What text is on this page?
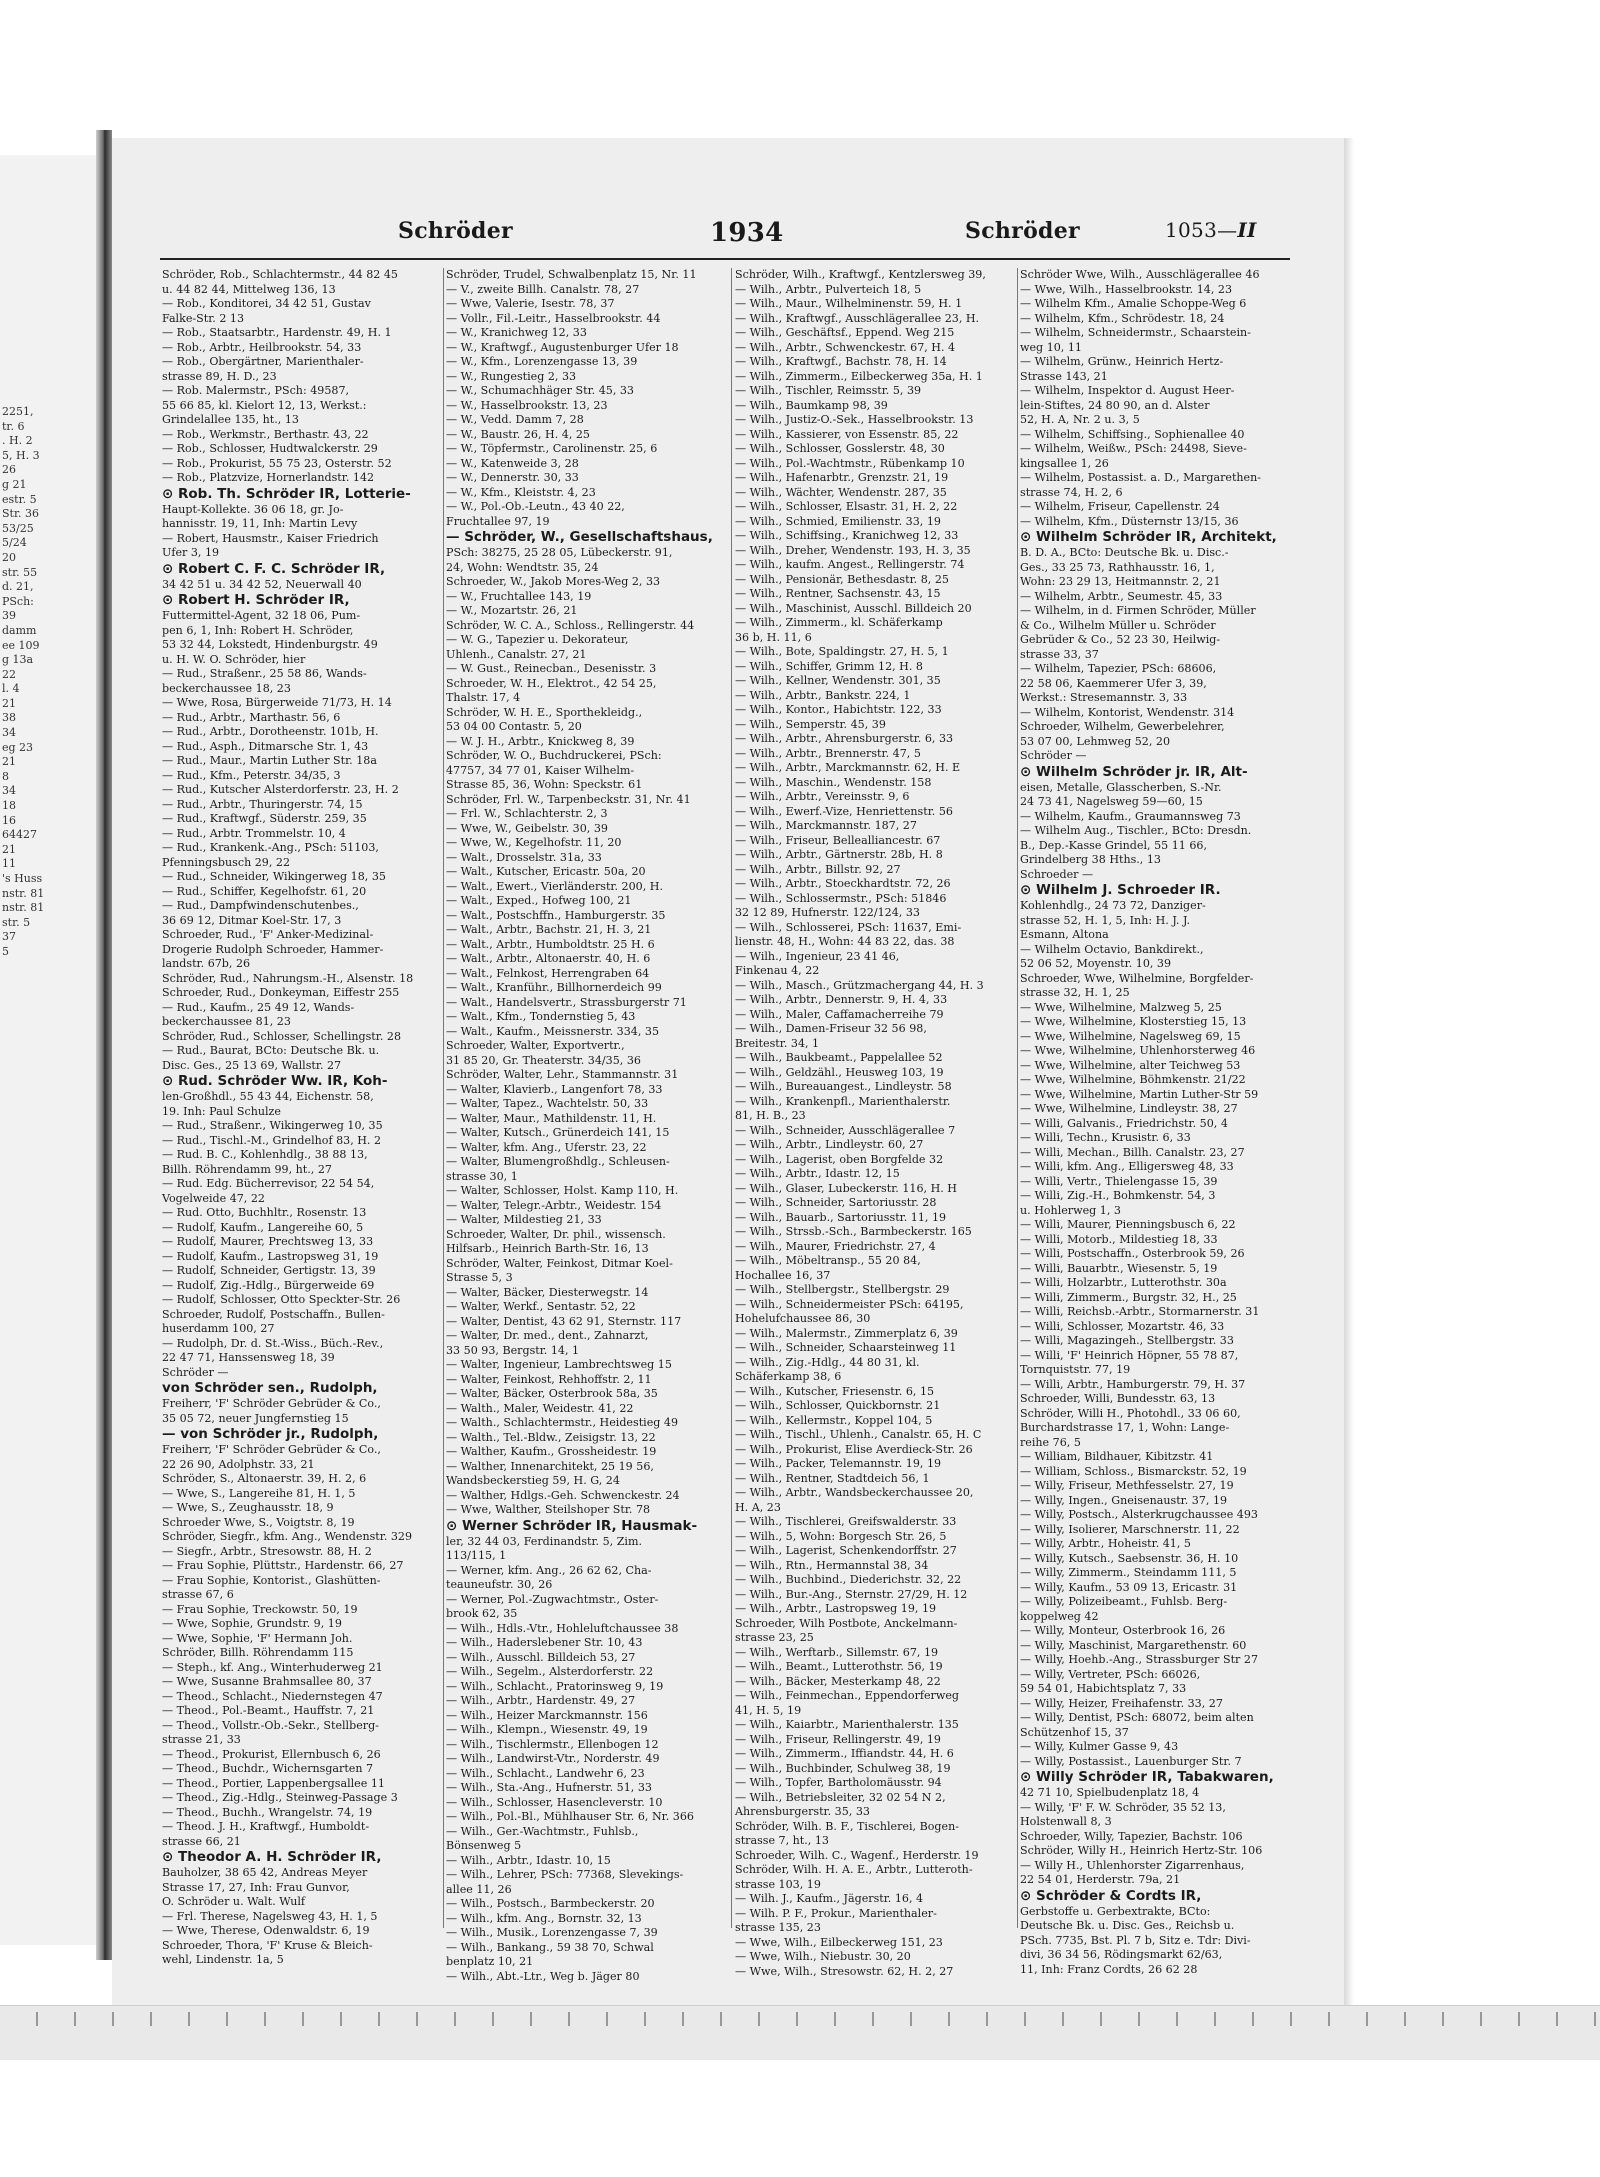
2251,
tr. 6
. H. 2
5, H. 3
26
g 21
estr. 5
Str. 36
53/25
5/24
20
str. 55
d. 21,
PSch:
39
damm
ee 109
g 13a
22
l. 4
21
38
34
eg 23
21
8
34
18
16
64427
21
11
's Huss
nstr. 81
nstr. 81
str. 5
37
5
Schröder	1934	Schröder	1053—II
Schröder, Rob., Schlachtermstr., 44 82 45
u. 44 82 44, Mittelweg 136, 13
— Rob., Konditorei, 34 42 51, Gustav
Falke-Str. 2 13
— Rob., Staatsarbtr., Hardenstr. 49, H. 1
— Rob., Arbtr., Heilbrookstr. 54, 33
— Rob., Obergärtner, Marienthaler-
strasse 89, H. D., 23
— Rob. Malermstr., PSch: 49587,
55 66 85, kl. Kielort 12, 13, Werkst.:
Grindelallee 135, ht., 13
— Rob., Werkmstr., Berthastr. 43, 22
— Rob., Schlosser, Hudtwalckerstr. 29
— Rob., Prokurist, 55 75 23, Osterstr. 52
— Rob., Platzvize, Hornerlandstr. 142
⊙ Rob. Th. Schröder IR, Lotterie-
Haupt-Kollekte. 36 06 18, gr. Jo-
hannisstr. 19, 11, Inh: Martin Levy
— Robert, Hausmstr., Kaiser Friedrich
Ufer 3, 19
⊙ Robert C. F. C. Schröder IR,
34 42 51 u. 34 42 52, Neuerwall 40
⊙ Robert H. Schröder IR,
Futtermittel-Agent, 32 18 06, Pum-
pen 6, 1, Inh: Robert H. Schröder,
53 32 44, Lokstedt, Hindenburgstr. 49
u. H. W. O. Schröder, hier
— Rud., Straßenr., 25 58 86, Wands-
beckerchaussee 18, 23
— Wwe, Rosa, Bürgerweide 71/73, H. 14
— Rud., Arbtr., Marthastr. 56, 6
— Rud., Arbtr., Dorotheenstr. 101b, H.
— Rud., Asph., Ditmarsche Str. 1, 43
— Rud., Maur., Martin Luther Str. 18a
— Rud., Kfm., Peterstr. 34/35, 3
— Rud., Kutscher Alsterdorferstr. 23, H. 2
— Rud., Arbtr., Thuringerstr. 74, 15
— Rud., Kraftwgf., Süderstr. 259, 35
— Rud., Arbtr. Trommelstr. 10, 4
— Rud., Krankenk.-Ang., PSch: 51103,
Pfenningsbusch 29, 22
— Rud., Schneider, Wikingerweg 18, 35
— Rud., Schiffer, Kegelhofstr. 61, 20
— Rud., Dampfwindenschutenbes.,
36 69 12, Ditmar Koel-Str. 17, 3
Schroeder, Rud., 'F' Anker-Medizinal-
Drogerie Rudolph Schroeder, Hammer-
landstr. 67b, 26
Schröder, Rud., Nahrungsm.-H., Alsenstr. 18
Schroeder, Rud., Donkeyman, Eiffestr 255
— Rud., Kaufm., 25 49 12, Wands-
beckerchaussee 81, 23
Schröder, Rud., Schlosser, Schellingstr. 28
— Rud., Baurat, BCto: Deutsche Bk. u.
Disc. Ges., 25 13 69, Wallstr. 27
⊙ Rud. Schröder Ww. IR, Koh-
len-Großhdl., 55 43 44, Eichenstr. 58,
19. Inh: Paul Schulze
— Rud., Straßenr., Wikingerweg 10, 35
— Rud., Tischl.-M., Grindelhof 83, H. 2
— Rud. B. C., Kohlenhdlg., 38 88 13,
Billh. Röhrendamm 99, ht., 27
— Rud. Edg. Bücherrevisor, 22 54 54,
Vogelweide 47, 22
— Rud. Otto, Buchhltr., Rosenstr. 13
— Rudolf, Kaufm., Langereihe 60, 5
— Rudolf, Maurer, Prechtsweg 13, 33
— Rudolf, Kaufm., Lastropsweg 31, 19
— Rudolf, Schneider, Gertigstr. 13, 39
— Rudolf, Zig.-Hdlg., Bürgerweide 69
— Rudolf, Schlosser, Otto Speckter-Str. 26
Schroeder, Rudolf, Postschaffn., Bullen-
huserdamm 100, 27
— Rudolph, Dr. d. St.-Wiss., Büch.-Rev.,
22 47 71, Hanssensweg 18, 39
Schröder —
von Schröder sen., Rudolph,
Freiherr, 'F' Schröder Gebrüder & Co.,
35 05 72, neuer Jungfernstieg 15
— von Schröder jr., Rudolph,
Freiherr, 'F' Schröder Gebrüder & Co.,
22 26 90, Adolphstr. 33, 21
Schröder, S., Altonaerstr. 39, H. 2, 6
— Wwe, S., Langereihe 81, H. 1, 5
— Wwe, S., Zeughausstr. 18, 9
Schroeder Wwe, S., Voigtstr. 8, 19
Schröder, Siegfr., kfm. Ang., Wendenstr. 329
— Siegfr., Arbtr., Stresowstr. 88, H. 2
— Frau Sophie, Plüttstr., Hardenstr. 66, 27
— Frau Sophie, Kontorist., Glashütten-
strasse 67, 6
— Frau Sophie, Treckowstr. 50, 19
— Wwe, Sophie, Grundstr. 9, 19
— Wwe, Sophie, 'F' Hermann Joh.
Schröder, Billh. Röhrendamm 115
— Steph., kf. Ang., Winterhuderweg 21
— Wwe, Susanne Brahmsallee 80, 37
— Theod., Schlacht., Niedernstegen 47
— Theod., Pol.-Beamt., Hauffstr. 7, 21
— Theod., Vollstr.-Ob.-Sekr., Stellberg-
strasse 21, 33
— Theod., Prokurist, Ellernbusch 6, 26
— Theod., Buchdr., Wichernsgarten 7
— Theod., Portier, Lappenbergsallee 11
— Theod., Zig.-Hdlg., Steinweg-Passage 3
— Theod., Buchh., Wrangelstr. 74, 19
— Theod. J. H., Kraftwgf., Humboldt-
strasse 66, 21
⊙ Theodor A. H. Schröder IR,
Bauholzer, 38 65 42, Andreas Meyer
Strasse 17, 27, Inh: Frau Gunvor,
O. Schröder u. Walt. Wulf
— Frl. Therese, Nagelsweg 43, H. 1, 5
— Wwe, Therese, Odenwaldstr. 6, 19
Schroeder, Thora, 'F' Kruse & Bleich-
wehl, Lindenstr. 1a, 5
Schröder, Trudel, Schwalbenplatz 15, Nr. 11
— V., zweite Billh. Canalstr. 78, 27
— Wwe, Valerie, Isestr. 78, 37
— Vollr., Fil.-Leitr., Hasselbrookstr. 44
— W., Kranichweg 12, 33
— W., Kraftwgf., Augustenburger Ufer 18
— W., Kfm., Lorenzengasse 13, 39
— W., Rungestieg 2, 33
— W., Schumachhäger Str. 45, 33
— W., Hasselbrookstr. 13, 23
— W., Vedd. Damm 7, 28
— W., Baustr. 26, H. 4, 25
— W., Töpfermstr., Carolinenstr. 25, 6
— W., Katenweide 3, 28
— W., Dennerstr. 30, 33
— W., Kfm., Kleiststr. 4, 23
— W., Pol.-Ob.-Leutn., 43 40 22,
Fruchtallee 97, 19
— Schröder, W., Gesellschaftshaus,
PSch: 38275, 25 28 05, Lübeckerstr. 91,
24, Wohn: Wendtstr. 35, 24
Schroeder, W., Jakob Mores-Weg 2, 33
— W., Fruchtallee 143, 19
— W., Mozartstr. 26, 21
Schröder, W. C. A., Schloss., Rellingerstr. 44
— W. G., Tapezier u. Dekorateur,
Uhlenh., Canalstr. 27, 21
— W. Gust., Reinecban., Desenisstr. 3
Schroeder, W. H., Elektrot., 42 54 25,
Thalstr. 17, 4
Schröder, W. H. E., Sporthekleidg.,
53 04 00 Contastr. 5, 20
— W. J. H., Arbtr., Knickweg 8, 39
Schröder, W. O., Buchdruckerei, PSch:
47757, 34 77 01, Kaiser Wilhelm-
Strasse 85, 36, Wohn: Speckstr. 61
Schröder, Frl. W., Tarpenbeckstr. 31, Nr. 41
— Frl. W., Schlachterstr. 2, 3
— Wwe, W., Geibelstr. 30, 39
— Wwe, W., Kegelhofstr. 11, 20
— Walt., Drosselstr. 31a, 33
— Walt., Kutscher, Ericastr. 50a, 20
— Walt., Ewert., Vierländerstr. 200, H.
— Walt., Exped., Hofweg 100, 21
— Walt., Postschffn., Hamburgerstr. 35
— Walt., Arbtr., Bachstr. 21, H. 3, 21
— Walt., Arbtr., Humboldtstr. 25 H. 6
— Walt., Arbtr., Altonaerstr. 40, H. 6
— Walt., Felnkost, Herrengraben 64
— Walt., Kranführ., Billhornerdeich 99
— Walt., Handelsvertr., Strassburgerstr 71
— Walt., Kfm., Tondernstieg 5, 43
— Walt., Kaufm., Meissnerstr. 334, 35
Schroeder, Walter, Exportvertr.,
31 85 20, Gr. Theaterstr. 34/35, 36
Schröder, Walter, Lehr., Stammannstr. 31
— Walter, Klavierb., Langenfort 78, 33
— Walter, Tapez., Wachtelstr. 50, 33
— Walter, Maur., Mathildenstr. 11, H.
— Walter, Kutsch., Grünerdeich 141, 15
— Walter, kfm. Ang., Uferstr. 23, 22
— Walter, Blumengroßhdlg., Schleusen-
strasse 30, 1
— Walter, Schlosser, Holst. Kamp 110, H.
— Walter, Telegr.-Arbtr., Weidestr. 154
— Walter, Mildestieg 21, 33
Schroeder, Walter, Dr. phil., wissensch.
Hilfsarb., Heinrich Barth-Str. 16, 13
Schröder, Walter, Feinkost, Ditmar Koel-
Strasse 5, 3
— Walter, Bäcker, Diesterwegstr. 14
— Walter, Werkf., Sentastr. 52, 22
— Walter, Dentist, 43 62 91, Sternstr. 117
— Walter, Dr. med., dent., Zahnarzt,
33 50 93, Bergstr. 14, 1
— Walter, Ingenieur, Lambrechtsweg 15
— Walter, Feinkost, Rehhoffstr. 2, 11
— Walter, Bäcker, Osterbrook 58a, 35
— Walth., Maler, Weidestr. 41, 22
— Walth., Schlachtermstr., Heidestieg 49
— Walth., Tel.-Bldw., Zeisigstr. 13, 22
— Walther, Kaufm., Grossheidestr. 19
— Walther, Innenarchitekt, 25 19 56,
Wandsbeckerstieg 59, H. G, 24
— Walther, Hdlgs.-Geh. Schwenckestr. 24
— Wwe, Walther, Steilshoper Str. 78
⊙ Werner Schröder IR, Hausmak-
ler, 32 44 03, Ferdinandstr. 5, Zim.
113/115, 1
— Werner, kfm. Ang., 26 62 62, Cha-
teauneufstr. 30, 26
— Werner, Pol.-Zugwachtmstr., Oster-
brook 62, 35
— Wilh., Hdls.-Vtr., Hohleluftchaussee 38
— Wilh., Haderslebener Str. 10, 43
— Wilh., Ausschl. Billdeich 53, 27
— Wilh., Segelm., Alsterdorferstr. 22
— Wilh., Schlacht., Pratorinsweg 9, 19
— Wilh., Arbtr., Hardenstr. 49, 27
— Wilh., Heizer Marckmannstr. 156
— Wilh., Klempn., Wiesenstr. 49, 19
— Wilh., Tischlermstr., Ellenbogen 12
— Wilh., Landwirst-Vtr., Norderstr. 49
— Wilh., Schlacht., Landwehr 6, 23
— Wilh., Sta.-Ang., Hufnerstr. 51, 33
— Wilh., Schlosser, Hasencleverstr. 10
— Wilh., Pol.-Bl., Mühlhauser Str. 6, Nr. 366
— Wilh., Ger.-Wachtmstr., Fuhlsb.,
Bönsenweg 5
— Wilh., Arbtr., Idastr. 10, 15
— Wilh., Lehrer, PSch: 77368, Slevekings-
allee 11, 26
— Wilh., Postsch., Barmbeckerstr. 20
— Wilh., kfm. Ang., Bornstr. 32, 13
— Wilh., Musik., Lorenzengasse 7, 39
— Wilh., Bankang., 59 38 70, Schwal
benplatz 10, 21
— Wilh., Abt.-Ltr., Weg b. Jäger 80
Schröder, Wilh., Kraftwgf., Kentzlersweg 39,
— Wilh., Arbtr., Pulverteich 18, 5
— Wilh., Maur., Wilhelminenstr. 59, H. 1
— Wilh., Kraftwgf., Ausschlägerallee 23, H.
— Wilh., Geschäftsf., Eppend. Weg 215
— Wilh., Arbtr., Schwenckestr. 67, H. 4
— Wilh., Kraftwgf., Bachstr. 78, H. 14
— Wilh., Zimmerm., Eilbeckerweg 35a, H. 1
— Wilh., Tischler, Reimsstr. 5, 39
— Wilh., Baumkamp 98, 39
— Wilh., Justiz-O.-Sek., Hasselbrookstr. 13
— Wilh., Kassierer, von Essenstr. 85, 22
— Wilh., Schlosser, Gosslerstr. 48, 30
— Wilh., Pol.-Wachtmstr., Rübenkamp 10
— Wilh., Hafenarbtr., Grenzstr. 21, 19
— Wilh., Wächter, Wendenstr. 287, 35
— Wilh., Schlosser, Elsastr. 31, H. 2, 22
— Wilh., Schmied, Emilienstr. 33, 19
— Wilh., Schiffsing., Kranichweg 12, 33
— Wilh., Dreher, Wendenstr. 193, H. 3, 35
— Wilh., kaufm. Angest., Rellingerstr. 74
— Wilh., Pensionär, Bethesdastr. 8, 25
— Wilh., Rentner, Sachsenstr. 43, 15
— Wilh., Maschinist, Ausschl. Billdeich 20
— Wilh., Zimmerm., kl. Schäferkamp
36 b, H. 11, 6
— Wilh., Bote, Spaldingstr. 27, H. 5, 1
— Wilh., Schiffer, Grimm 12, H. 8
— Wilh., Kellner, Wendenstr. 301, 35
— Wilh., Arbtr., Bankstr. 224, 1
— Wilh., Kontor., Habichtstr. 122, 33
— Wilh., Semperstr. 45, 39
— Wilh., Arbtr., Ahrensburgerstr. 6, 33
— Wilh., Arbtr., Brennerstr. 47, 5
— Wilh., Arbtr., Marckmannstr. 62, H. E
— Wilh., Maschin., Wendenstr. 158
— Wilh., Arbtr., Vereinsstr. 9, 6
— Wilh., Ewerf.-Vize, Henriettenstr. 56
— Wilh., Marckmannstr. 187, 27
— Wilh., Friseur, Bellealliancestr. 67
— Wilh., Arbtr., Gärtnerstr. 28b, H. 8
— Wilh., Arbtr., Billstr. 92, 27
— Wilh., Arbtr., Stoeckhardtstr. 72, 26
— Wilh., Schlossermstr., PSch: 51846
32 12 89, Hufnerstr. 122/124, 33
— Wilh., Schlosserei, PSch: 11637, Emi-
lienstr. 48, H., Wohn: 44 83 22, das. 38
— Wilh., Ingenieur, 23 41 46,
Finkenau 4, 22
— Wilh., Masch., Grützmachergang 44, H. 3
— Wilh., Arbtr., Dennerstr. 9, H. 4, 33
— Wilh., Maler, Caffamacherreihe 79
— Wilh., Damen-Friseur 32 56 98,
Breitestr. 34, 1
— Wilh., Baukbeamt., Pappelallee 52
— Wilh., Geldzähl., Heusweg 103, 19
— Wilh., Bureauangest., Lindleystr. 58
— Wilh., Krankenpfl., Marienthalerstr.
81, H. B., 23
— Wilh., Schneider, Ausschlägerallee 7
— Wilh., Arbtr., Lindleystr. 60, 27
— Wilh., Lagerist, oben Borgfelde 32
— Wilh., Arbtr., Idastr. 12, 15
— Wilh., Glaser, Lubeckerstr. 116, H. H
— Wilh., Schneider, Sartoriusstr. 28
— Wilh., Bauarb., Sartoriusstr. 11, 19
— Wilh., Strssb.-Sch., Barmbeckerstr. 165
— Wilh., Maurer, Friedrichstr. 27, 4
— Wilh., Möbeltransp., 55 20 84,
Hochallee 16, 37
— Wilh., Stellbergstr., Stellbergstr. 29
— Wilh., Schneidermeister PSch: 64195,
Hohelufchaussee 86, 30
— Wilh., Malermstr., Zimmerplatz 6, 39
— Wilh., Schneider, Schaarsteinweg 11
— Wilh., Zig.-Hdlg., 44 80 31, kl.
Schäferkamp 38, 6
— Wilh., Kutscher, Friesenstr. 6, 15
— Wilh., Schlosser, Quickbornstr. 21
— Wilh., Kellermstr., Koppel 104, 5
— Wilh., Tischl., Uhlenh., Canalstr. 65, H. C
— Wilh., Prokurist, Elise Averdieck-Str. 26
— Wilh., Packer, Telemannstr. 19, 19
— Wilh., Rentner, Stadtdeich 56, 1
— Wilh., Arbtr., Wandsbeckerchaussee 20,
H. A, 23
— Wilh., Tischlerei, Greifswalderstr. 33
— Wilh., 5, Wohn: Borgesch Str. 26, 5
— Wilh., Lagerist, Schenkendorffstr. 27
— Wilh., Rtn., Hermannstal 38, 34
— Wilh., Buchbind., Diederichstr. 32, 22
— Wilh., Bur.-Ang., Sternstr. 27/29, H. 12
— Wilh., Arbtr., Lastropsweg 19, 19
Schroeder, Wilh Postbote, Anckelmann-
strasse 23, 25
— Wilh., Werftarb., Sillemstr. 67, 19
— Wilh., Beamt., Lutterothstr. 56, 19
— Wilh., Bäcker, Mesterkamp 48, 22
— Wilh., Feinmechan., Eppendorferweg
41, H. 5, 19
— Wilh., Kaiarbtr., Marienthalerstr. 135
— Wilh., Friseur, Rellingerstr. 49, 19
— Wilh., Zimmerm., Iffiandstr. 44, H. 6
— Wilh., Buchbinder, Schulweg 38, 19
— Wilh., Topfer, Bartholomäusstr. 94
— Wilh., Betriebsleiter, 32 02 54 N 2,
Ahrensburgerstr. 35, 33
Schröder, Wilh. B. F., Tischlerei, Bogen-
strasse 7, ht., 13
Schroeder, Wilh. C., Wagenf., Herderstr. 19
Schröder, Wilh. H. A. E., Arbtr., Lutteroth-
strasse 103, 19
— Wilh. J., Kaufm., Jägerstr. 16, 4
— Wilh. P. F., Prokur., Marienthaler-
strasse 135, 23
— Wwe, Wilh., Eilbeckerweg 151, 23
— Wwe, Wilh., Niebustr. 30, 20
— Wwe, Wilh., Stresowstr. 62, H. 2, 27
Schröder Wwe, Wilh., Ausschlägerallee 46
— Wwe, Wilh., Hasselbrookstr. 14, 23
— Wilhelm Kfm., Amalie Schoppe-Weg 6
— Wilhelm, Kfm., Schrödestr. 18, 24
— Wilhelm, Schneidermstr., Schaarstein-
weg 10, 11
— Wilhelm, Grünw., Heinrich Hertz-
Strasse 143, 21
— Wilhelm, Inspektor d. August Heer-
lein-Stiftes, 24 80 90, an d. Alster
52, H. A, Nr. 2 u. 3, 5
— Wilhelm, Schiffsing., Sophienallee 40
— Wilhelm, Weißw., PSch: 24498, Sieve-
kingsallee 1, 26
— Wilhelm, Postassist. a. D., Margarethen-
strasse 74, H. 2, 6
— Wilhelm, Friseur, Capellenstr. 24
— Wilhelm, Kfm., Düsternstr 13/15, 36
⊙ Wilhelm Schröder IR, Architekt,
B. D. A., BCto: Deutsche Bk. u. Disc.-
Ges., 33 25 73, Rathhausstr. 16, 1,
Wohn: 23 29 13, Heitmannstr. 2, 21
— Wilhelm, Arbtr., Seumestr. 45, 33
— Wilhelm, in d. Firmen Schröder, Müller
& Co., Wilhelm Müller u. Schröder
Gebrüder & Co., 52 23 30, Heilwig-
strasse 33, 37
— Wilhelm, Tapezier, PSch: 68606,
22 58 06, Kaemmerer Ufer 3, 39,
Werkst.: Stresemannstr. 3, 33
— Wilhelm, Kontorist, Wendenstr. 314
Schroeder, Wilhelm, Gewerbelehrer,
53 07 00, Lehmweg 52, 20
Schröder —
⊙ Wilhelm Schröder jr. IR, Alt-
eisen, Metalle, Glasscherben, S.-Nr.
24 73 41, Nagelsweg 59—60, 15
— Wilhelm, Kaufm., Graumannsweg 73
— Wilhelm Aug., Tischler., BCto: Dresdn.
B., Dep.-Kasse Grindel, 55 11 66,
Grindelberg 38 Hths., 13
Schroeder —
⊙ Wilhelm J. Schroeder IR.
Kohlenhdlg., 24 73 72, Danziger-
strasse 52, H. 1, 5, Inh: H. J. J.
Esmann, Altona
— Wilhelm Octavio, Bankdirekt.,
52 06 52, Moyenstr. 10, 39
Schroeder, Wwe, Wilhelmine, Borgfelder-
strasse 32, H. 1, 25
— Wwe, Wilhelmine, Malzweg 5, 25
— Wwe, Wilhelmine, Klosterstieg 15, 13
— Wwe, Wilhelmine, Nagelsweg 69, 15
— Wwe, Wilhelmine, Uhlenhorsterweg 46
— Wwe, Wilhelmine, alter Teichweg 53
— Wwe, Wilhelmine, Böhmkenstr. 21/22
— Wwe, Wilhelmine, Martin Luther-Str 59
— Wwe, Wilhelmine, Lindleystr. 38, 27
— Willi, Galvanis., Friedrichstr. 50, 4
— Willi, Techn., Krusistr. 6, 33
— Willi, Mechan., Billh. Canalstr. 23, 27
— Willi, kfm. Ang., Elligersweg 48, 33
— Willi, Vertr., Thielengasse 15, 39
— Willi, Zig.-H., Bohmkenstr. 54, 3
u. Hohlerweg 1, 3
— Willi, Maurer, Pienningsbusch 6, 22
— Willi, Motorb., Mildestieg 18, 33
— Willi, Postschaffn., Osterbrook 59, 26
— Willi, Bauarbtr., Wiesenstr. 5, 19
— Willi, Holzarbtr., Lutterothstr. 30a
— Willi, Zimmerm., Burgstr. 32, H., 25
— Willi, Reichsb.-Arbtr., Stormarnerstr. 31
— Willi, Schlosser, Mozartstr. 46, 33
— Willi, Magazingeh., Stellbergstr. 33
— Willi, 'F' Heinrich Höpner, 55 78 87,
Tornquiststr. 77, 19
— Willi, Arbtr., Hamburgerstr. 79, H. 37
Schroeder, Willi, Bundesstr. 63, 13
Schröder, Willi H., Photohdl., 33 06 60,
Burchardstrasse 17, 1, Wohn: Lange-
reihe 76, 5
— William, Bildhauer, Kibitzstr. 41
— William, Schloss., Bismarckstr. 52, 19
— Willy, Friseur, Methfesselstr. 27, 19
— Willy, Ingen., Gneisenaustr. 37, 19
— Willy, Postsch., Alsterkrugchaussee 493
— Willy, Isolierer, Marschnerstr. 11, 22
— Willy, Arbtr., Hoheistr. 41, 5
— Willy, Kutsch., Saebsenstr. 36, H. 10
— Willy, Zimmerm., Steindamm 111, 5
— Willy, Kaufm., 53 09 13, Ericastr. 31
— Willy, Polizeibeamt., Fuhlsb. Berg-
koppelweg 42
— Willy, Monteur, Osterbrook 16, 26
— Willy, Maschinist, Margarethenstr. 60
— Willy, Hoehb.-Ang., Strassburger Str 27
— Willy, Vertreter, PSch: 66026,
59 54 01, Habichtsplatz 7, 33
— Willy, Heizer, Freihafenstr. 33, 27
— Willy, Dentist, PSch: 68072, beim alten
Schützenhof 15, 37
— Willy, Kulmer Gasse 9, 43
— Willy, Postassist., Lauenburger Str. 7
⊙ Willy Schröder IR, Tabakwaren,
42 71 10, Spielbudenplatz 18, 4
— Willy, 'F' F. W. Schröder, 35 52 13,
Holstenwall 8, 3
Schroeder, Willy, Tapezier, Bachstr. 106
Schröder, Willy H., Heinrich Hertz-Str. 106
— Willy H., Uhlenhorster Zigarrenhaus,
22 54 01, Herderstr. 79a, 21
⊙ Schröder & Cordts IR,
Gerbstoffe u. Gerbextrakte, BCto:
Deutsche Bk. u. Disc. Ges., Reichsb u.
PSch. 7735, Bst. Pl. 7 b, Sitz e. Tdr: Divi-
divi, 36 34 56, Rödingsmarkt 62/63,
11, Inh: Franz Cordts, 26 62 28
